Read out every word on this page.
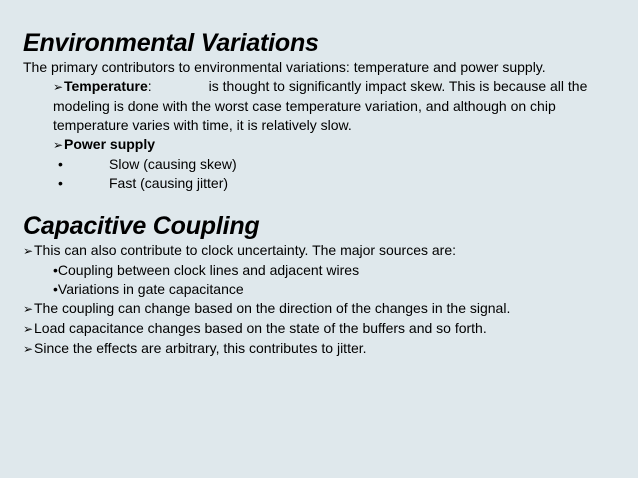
Environmental Variations
The primary contributors to environmental variations: temperature and power supply.
➢Temperature:	is thought to significantly impact skew. This is because all the
modeling is done with the worst case temperature variation, and although on chip
temperature varies with time, it is relatively slow.
➢Power supply
•	Slow (causing skew)
•	Fast (causing jitter)
Capacitive Coupling
➢This can also contribute to clock uncertainty. The major sources are:
•Coupling between clock lines and adjacent wires
•Variations in gate capacitance
➢The coupling can change based on the direction of the changes in the signal.
➢Load capacitance changes based on the state of the buffers and so forth.
➢Since the effects are arbitrary, this contributes to jitter.
